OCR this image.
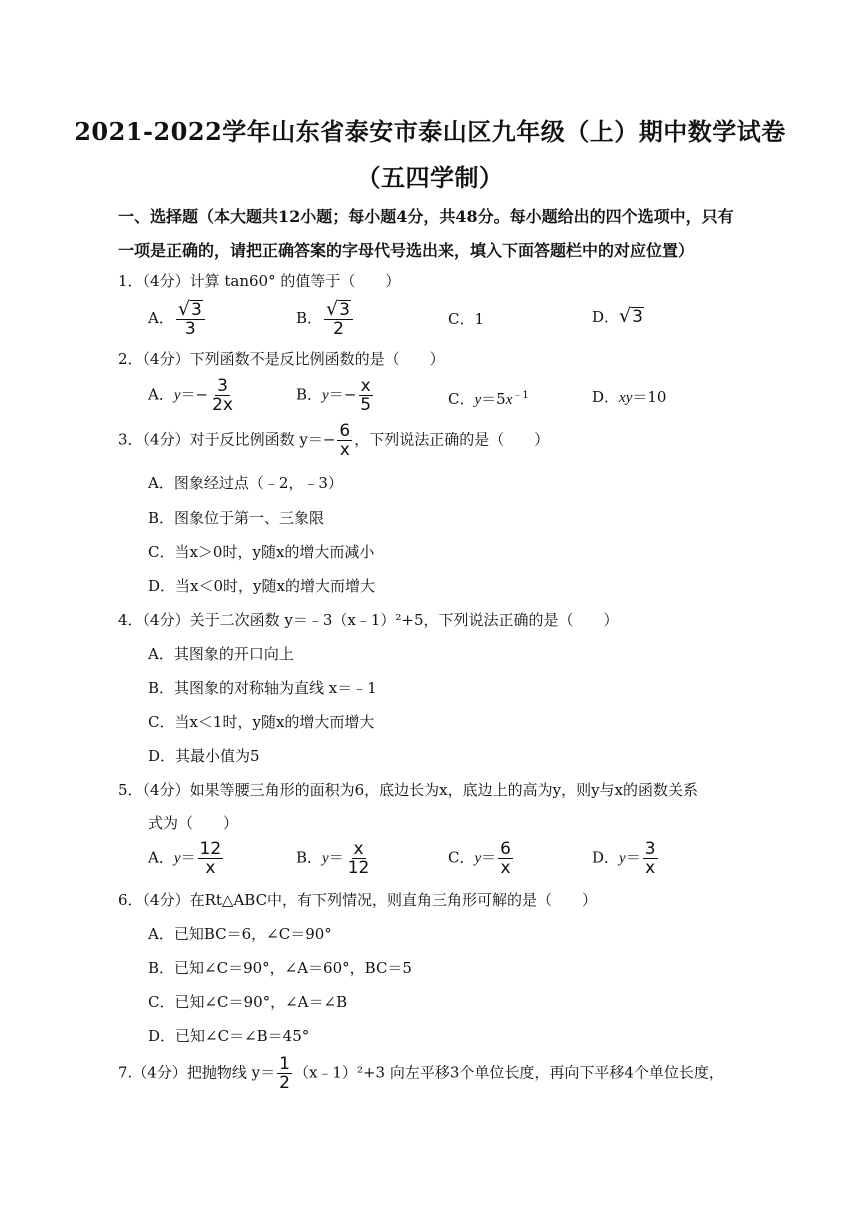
2021-2022学年山东省泰安市泰山区九年级（上）期中数学试卷
（五四学制）
一、选择题（本大题共12小题；每小题4分，共48分。每小题给出的四个选项中，只有一项是正确的，请把正确答案的字母代号选出来，填入下面答题栏中的对应位置）
1．（4分）计算 tan60° 的值等于（　　）
A． $\frac{√ 3}{3}$	B． $\frac{√ 3}{2}$	C．1	D． √ 3
2．（4分）下列函数不是反比例函数的是（　　）
A．$y=- \frac{3}{2x}$	B．$y=- \frac{x}{5}$	C．$y=5x^{﹣1}$	D．xy＝10
3．（4分）对于反比例函数 $y=- \frac{6}{x}$ ，下列说法正确的是（　　）
A．图象经过点（﹣2，﹣3）
B．图象位于第一、三象限
C．当x＞0时，y随x的增大而减小
D．当x＜0时，y随x的增大而增大
4．（4分）关于二次函数 y＝﹣3（x﹣1）²+5，下列说法正确的是（　　）
A．其图象的开口向上
B．其图象的对称轴为直线 x＝﹣1
C．当x＜1时，y随x的增大而增大
D．其最小值为5
5．（4分）如果等腰三角形的面积为6，底边长为x，底边上的高为y，则y与x的函数关系
式为（　　）
A．$y= \frac{12}{x}$	B．$y= \frac{x}{12}$	C．$y= \frac{6}{x}$	D．$y= \frac{3}{x}$
6．（4分）在Rt△ABC中，有下列情况，则直角三角形可解的是（　　）
A．已知BC＝6，∠C＝90°
B．已知∠C＝90°，∠A＝60°，BC＝5
C．已知∠C＝90°，∠A＝∠B
D．已知∠C＝∠B＝45°
7.（4分）把抛物线 $y= \frac{1}{2}$ （x﹣1）²+3 向左平移3个单位长度，再向下平移4个单位长度，
